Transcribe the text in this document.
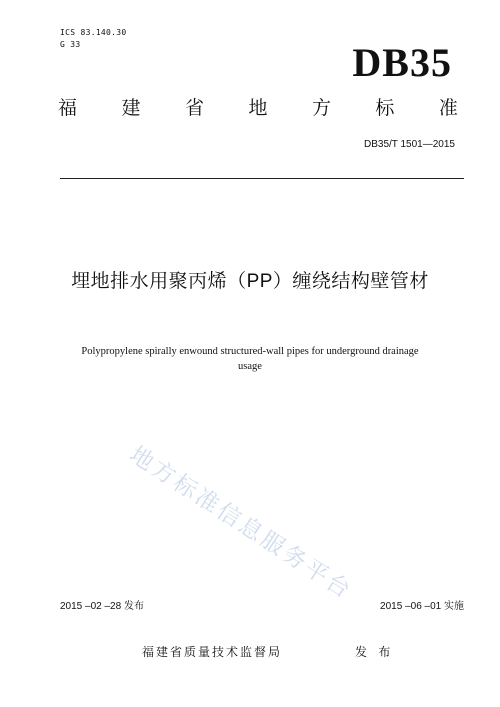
ICS 83.140.30
G 33	DB35
福 建 省 地 方 标 准
DB35/T 1501—2015
埋地排水用聚丙烯（PP）缠绕结构壁管材
Polypropylene spirally enwound structured-wall pipes for underground drainage
usage
地方标准信息服务平台
2015 –02 –28 发布	2015 –06 –01 实施
福建省质量技术监督局	发 布
